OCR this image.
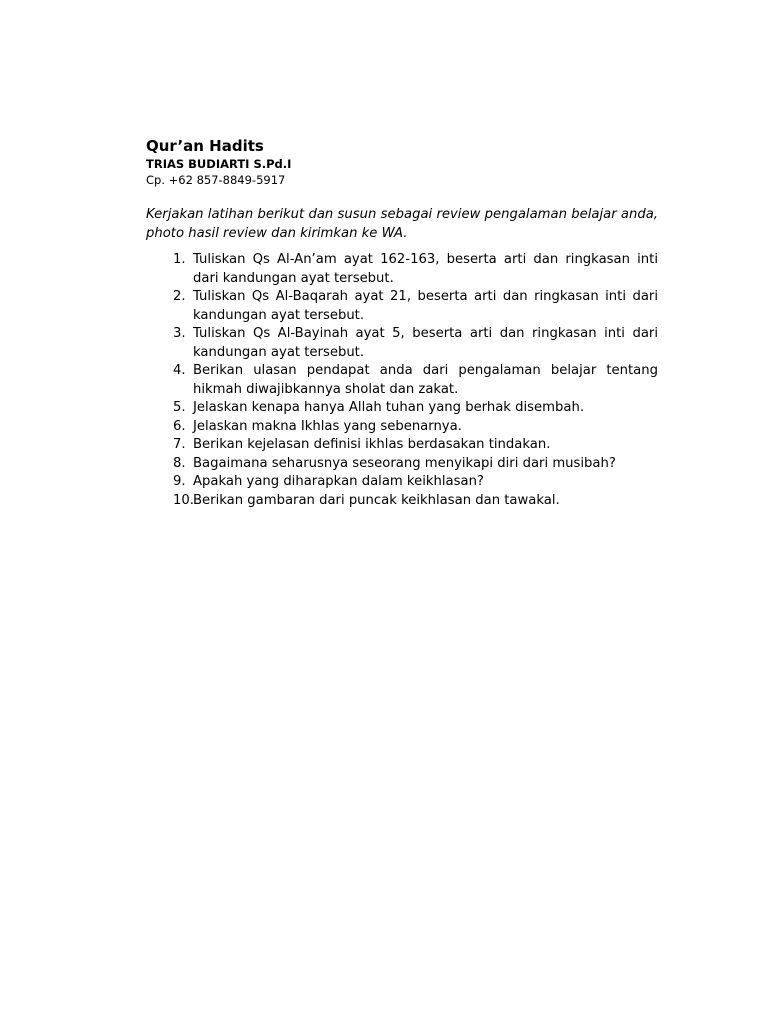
Qur’an Hadits

TRIAS BUDIARTI S.Pd.I

Cp. +62 857-8849-5917

Kerjakan latihan berikut dan susun sebagai review pengalaman belajar anda, photo hasil review dan kirimkan ke WA.
1. Tuliskan Qs Al-An’am ayat 162-163, beserta arti dan ringkasan inti dari kandungan ayat tersebut.
2. Tuliskan Qs Al-Baqarah ayat 21, beserta arti dan ringkasan inti dari kandungan ayat tersebut.
3. Tuliskan Qs Al-Bayinah ayat 5, beserta arti dan ringkasan inti dari kandungan ayat tersebut.
4. Berikan ulasan pendapat anda dari pengalaman belajar tentang hikmah diwajibkannya sholat dan zakat.
5. Jelaskan kenapa hanya Allah tuhan yang berhak disembah.
6. Jelaskan makna Ikhlas yang sebenarnya.
7. Berikan kejelasan definisi ikhlas berdasakan tindakan.
8. Bagaimana seharusnya seseorang menyikapi diri dari musibah?
9. Apakah yang diharapkan dalam keikhlasan?
10. Berikan gambaran dari puncak keikhlasan dan tawakal.
